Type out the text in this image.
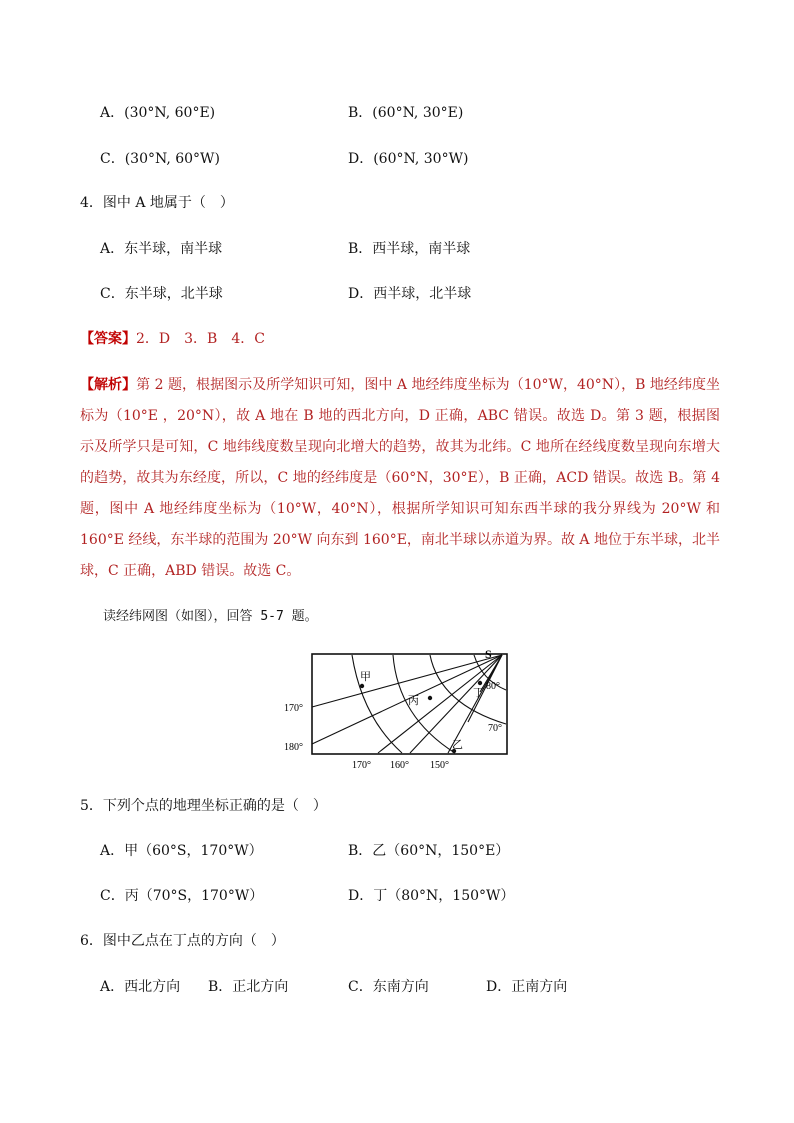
A．(30°N, 60°E)	B．(60°N, 30°E)
C．(30°N, 60°W)	D．(60°N, 30°W)
4．图中 A 地属于（　）
A．东半球，南半球	B．西半球，南半球
C．东半球，北半球	D．西半球，北半球
【答案】2．D　3．B　4．C
【解析】第 2 题，根据图示及所学知识可知，图中 A 地经纬度坐标为（10°W，40°N），B 地经纬度坐标为（10°E ，20°N），故 A 地在 B 地的西北方向，D 正确，ABC 错误。故选 D。第 3 题，根据图示及所学只是可知，C 地纬线度数呈现向北增大的趋势，故其为北纬。C 地所在经线度数呈现向东增大的趋势，故其为东经度，所以，C 地的经纬度是（60°N，30°E），B 正确，ACD 错误。故选 B。第 4 题，图中 A 地经纬度坐标为（10°W，40°N），根据所学知识可知东西半球的我分界线为 20°W 和 160°E 经线，东半球的范围为 20°W 向东到 160°E，南北半球以赤道为界。故 A 地位于东半球，北半球，C 正确，ABD 错误。故选 C。
读经纬网图（如图），回答 5-7 题。
S
甲
丙
乙
丁
80°
70°
170°
180°
170° 160° 150°
5．下列个点的地理坐标正确的是（　）
A．甲（60°S，170°W）	B．乙（60°N，150°E）
C．丙（70°S，170°W）	D．丁（80°N，150°W）
6．图中乙点在丁点的方向（　）
A．西北方向 B．正北方向	C．东南方向	D．正南方向
